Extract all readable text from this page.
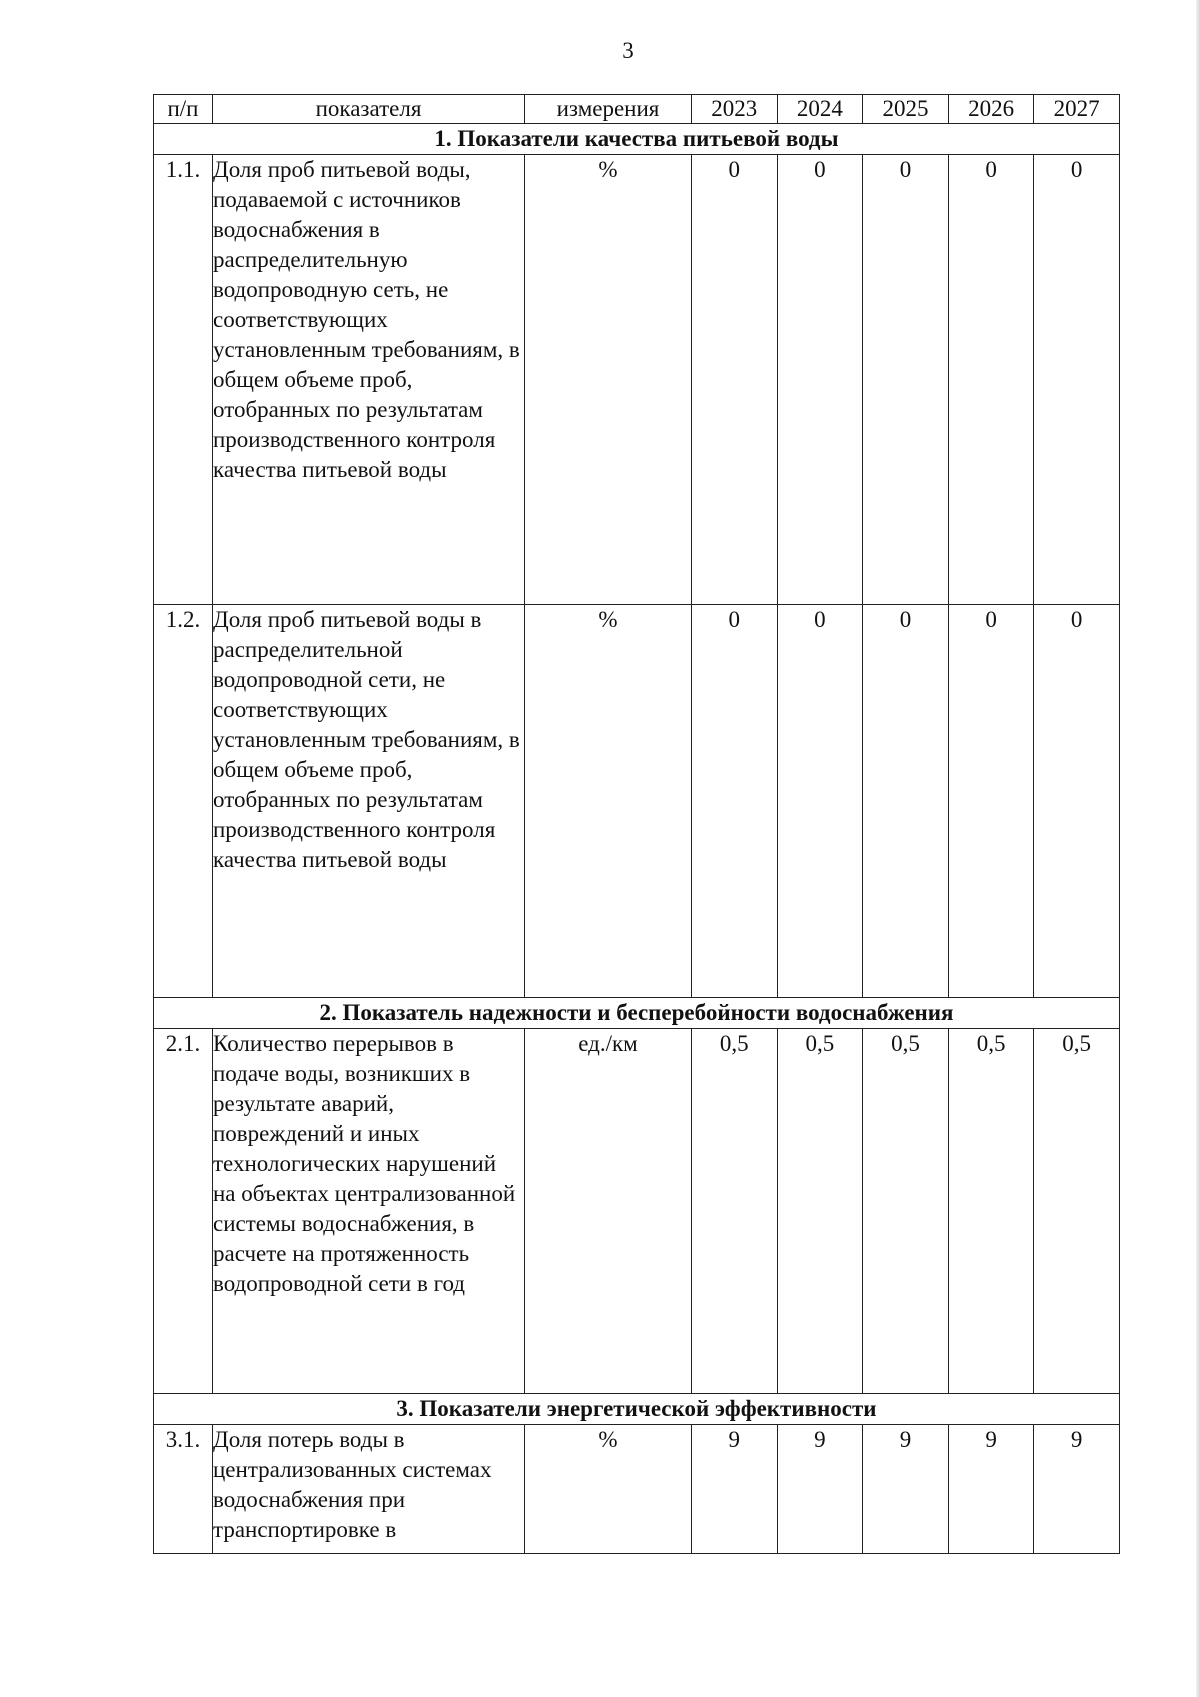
3
п/п	показателя	измерения	2023	2024	2025	2026	2027
1. Показатели качества питьевой воды							
1.1.	Доля проб питьевой воды, подаваемой с источников водоснабжения в распределительную водопроводную сеть, не соответствующих установленным требованиям, в общем объеме проб, отобранных по результатам производственного контроля качества питьевой воды	%	0	0	0	0	0
1.2.	Доля проб питьевой воды в распределительной водопроводной сети, не соответствующих установленным требованиям, в общем объеме проб, отобранных по результатам производственного контроля качества питьевой воды	%	0	0	0	0	0
2. Показатель надежности и бесперебойности водоснабжения							
2.1.	Количество перерывов в подаче воды, возникших в результате аварий, повреждений и иных технологических нарушений на объектах централизованной системы водоснабжения, в расчете на протяженность водопроводной сети в год	ед./км	0,5	0,5	0,5	0,5	0,5
3. Показатели энергетической эффективности							
3.1.	Доля потерь воды в централизованных системах водоснабжения при транспортировке в	%	9	9	9	9	9
